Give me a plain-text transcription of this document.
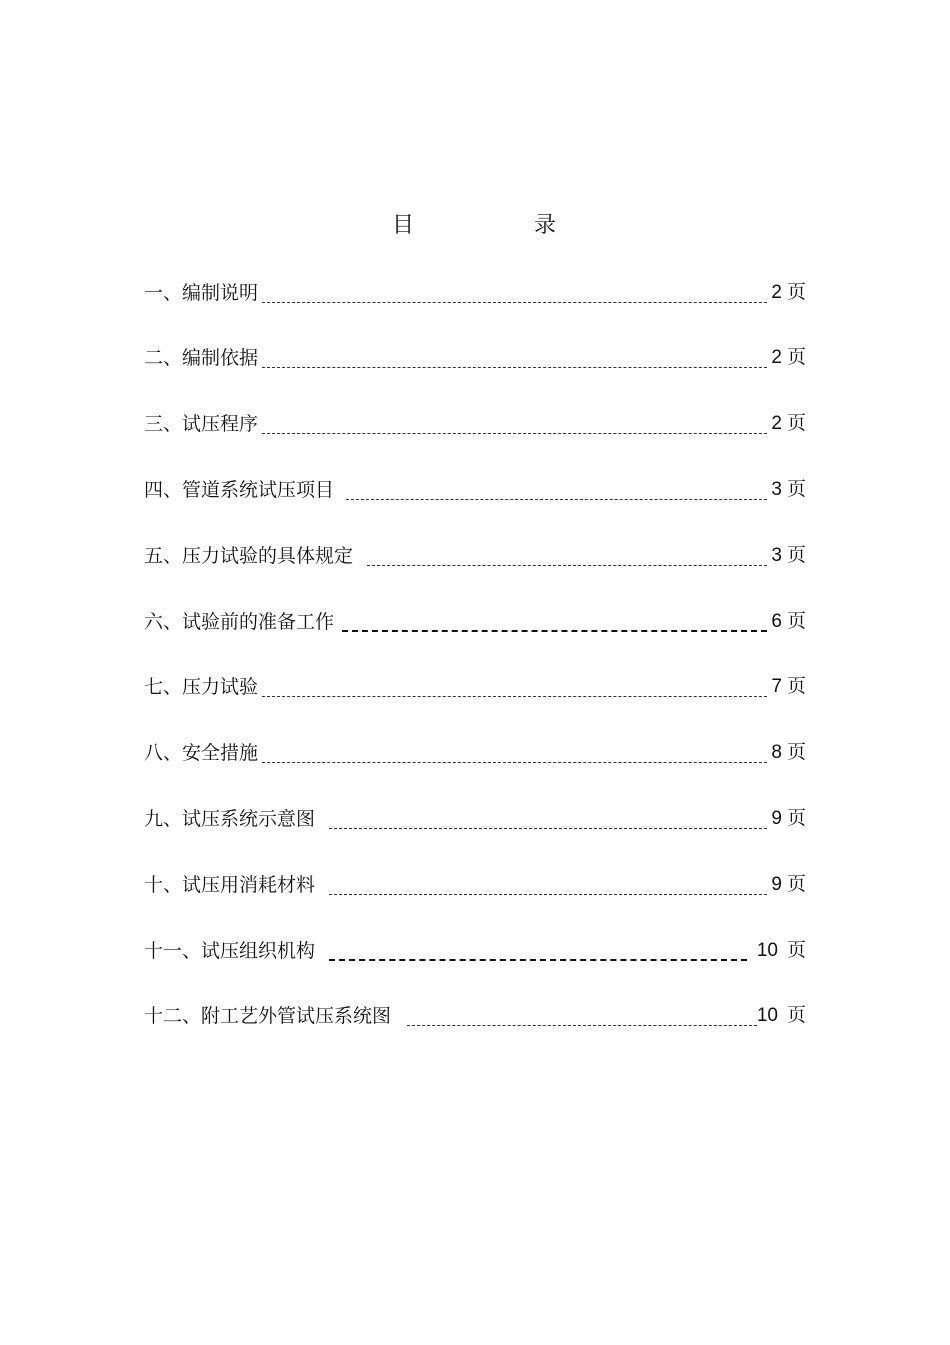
目	录
一、编制说明	2 页
二、编制依据	2 页
三、试压程序	2 页
四、管道系统试压项目	3 页
五、压力试验的具体规定	3 页
六、试验前的准备工作	6 页
七、压力试验	7 页
八、安全措施	8 页
九、试压系统示意图	9 页
十、试压用消耗材料	9 页
十一、试压组织机构	10 页
十二、附工艺外管试压系统图	10 页
